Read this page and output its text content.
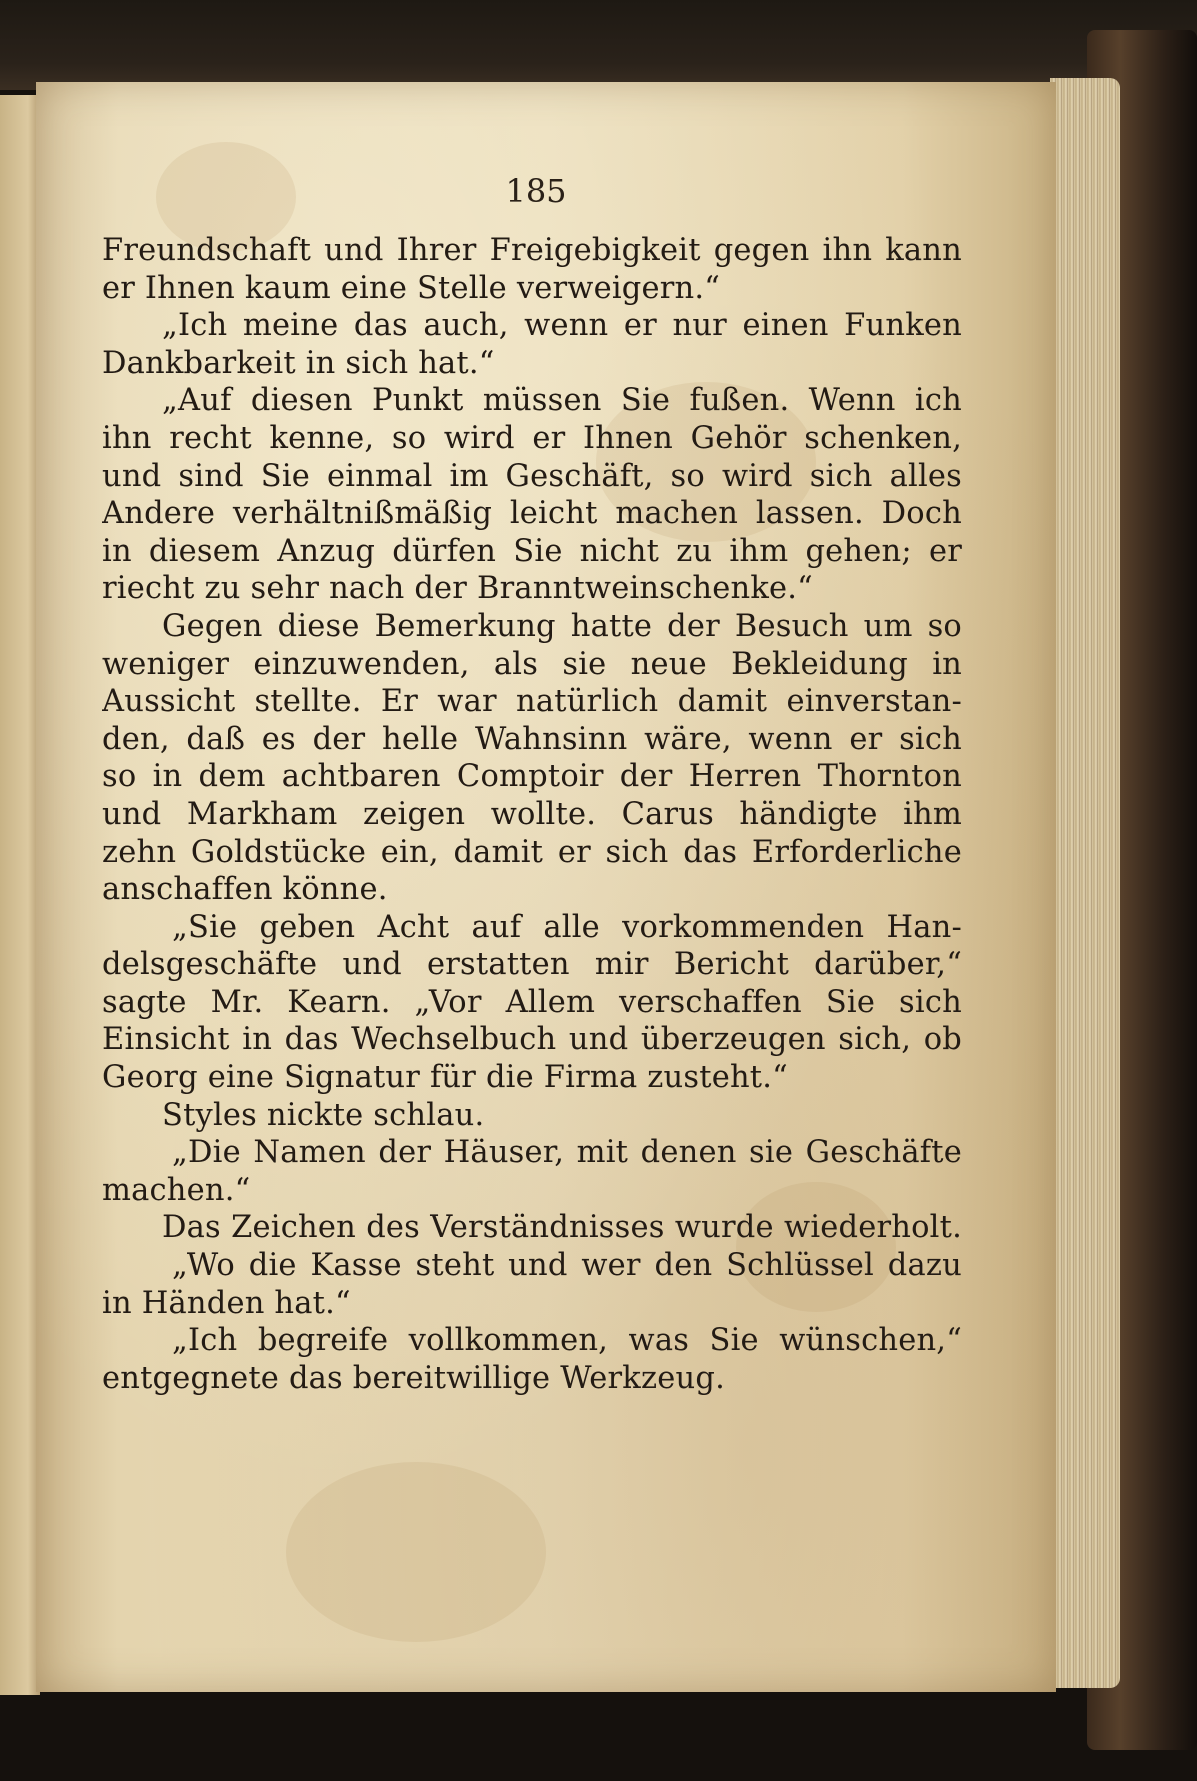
185
Freundschaft und Ihrer Freigebigkeit gegen ihn kann
er Ihnen kaum eine Stelle verweigern.“
„Ich meine das auch, wenn er nur einen Funken
Dankbarkeit in sich hat.“
„Auf diesen Punkt müssen Sie fußen. Wenn ich
ihn recht kenne, so wird er Ihnen Gehör schenken,
und sind Sie einmal im Geschäft, so wird sich alles
Andere verhältnißmäßig leicht machen lassen. Doch
in diesem Anzug dürfen Sie nicht zu ihm gehen; er
riecht zu sehr nach der Branntweinschenke.“
Gegen diese Bemerkung hatte der Besuch um so
weniger einzuwenden, als sie neue Bekleidung in
Aussicht stellte. Er war natürlich damit einverstan-
den, daß es der helle Wahnsinn wäre, wenn er sich
so in dem achtbaren Comptoir der Herren Thornton
und Markham zeigen wollte. Carus händigte ihm
zehn Goldstücke ein, damit er sich das Erforderliche
anschaffen könne.
„Sie geben Acht auf alle vorkommenden Han-
delsgeschäfte und erstatten mir Bericht darüber,“
sagte Mr. Kearn. „Vor Allem verschaffen Sie sich
Einsicht in das Wechselbuch und überzeugen sich, ob
Georg eine Signatur für die Firma zusteht.“
Styles nickte schlau.
„Die Namen der Häuser, mit denen sie Geschäfte
machen.“
Das Zeichen des Verständnisses wurde wiederholt.
„Wo die Kasse steht und wer den Schlüssel dazu
in Händen hat.“
„Ich begreife vollkommen, was Sie wünschen,“
entgegnete das bereitwillige Werkzeug.
